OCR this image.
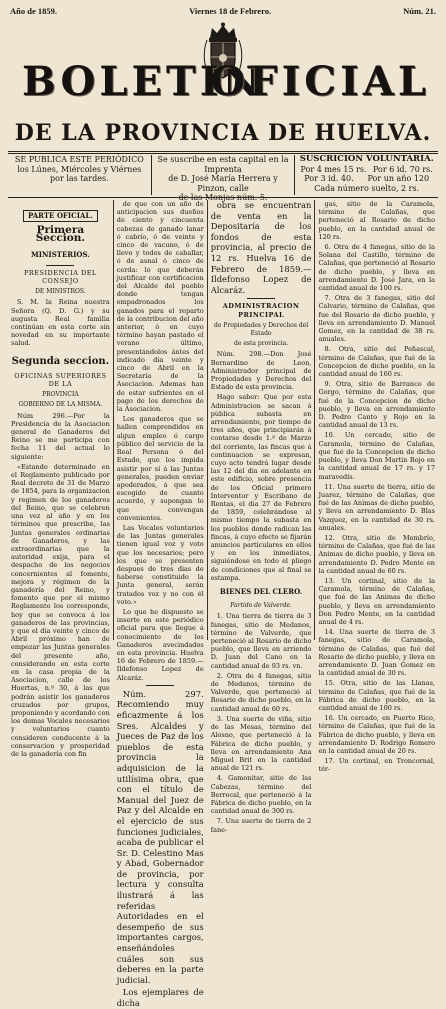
Año de 1859.	Viernes 18 de Febrero.	Núm. 21.
BOLETIN
OFICIAL
DE LA PROVINCIA DE HUELVA.
SE PUBLICA ESTE PERIÓDICO
los Lúnes, Miércoles y Viérnes
por las tardes.
Se suscribe en esta capital en la Imprenta
de D. José María Herrera y Pinzon, calle
SUSCRICION VOLUNTARIA.
Por 4 mes 15 rs. Por 6 id. 70 rs.
Por 3 id. 40. Por un año 120
Cada número suelto, 2 rs.
PARTE OFICIAL.
Primera Seccion.
MINISTERIOS.
PRESIDENCIA DEL CONSEJO
DE MINISTROS.

S. M. la Reina nuestra Señora (Q. D. G.) y su augusta Real familia continúan en esta corte sin novedad en su importante salud.

Segunda seccion.
OFICINAS SUPERIORES DE LA
PROVINCIA
GOBIERNO DE LA MISMA.

Núm 296.—Por la Presidencia de la Asociacion general de Ganaderos del Reino se me participa con fecha 11 del actual lo siguiente:

«Estando determinado en el Reglamento publicado por Real decreto de 31 de Marzo de 1854, para la organizacion y regimen de los ganaderos del Reino, que se celebren una vez al año y en los términos que prescribe, las Juntas generales ordinarias de Ganaderos, y las extraordinarias que la autoridad exija, para el despacho de los negocios concernientes al fomento, mejora y régimen de la ganadería del Reino, y fomento que por el mismo Reglamento los corresponde, hoy que se convoca á los ganaderos de las provincias, y que el dia veinte y cinco de Abril próximo han de empezar las Juntas generales del presente año, considerando en esta corte en la casa propia de la Asociacion, calle de los Huertas, n.º 30, á las que podrán asistir los ganaderos cruzados por grupos, proponiendo y acordando con los demas Vocales necesarios y voluntarios cuanto consideren conducente á la conservacion y prosperidad de la ganadería con fin

de que con un año de anticipacion sus dueños de ciento y cincuenta cabezas de ganado lanar ó cabrío, ó de veinte y cinco de vacuno, ó de llevo y todos de caballar, ó de asnal ó cinco de cerda: lo que deberán justificar con certificacion del Alcalde del pueblo donde tengan empadronados los ganados para el reparto de la contribucion del año anterior, ó en cuyo término hayan pastado el verano último, presentándolos ántes del indicado dia veinte y cinco de Abril en la Secretaría de la Asociacion. Ademas han de estar sufrientes en el pago de los derechos de la Asociacion.

Los ganaderos que se hallen comprendidos en algun empleo ó cargo público del servicio de la Real Persona ó del Estado, que los impida asistir por sí á las Juntas generales, pueden enviar apoderados, á que sea escogido de cuanto acuerdo, y supongan lo que convengan convenientes.

Las Vocales voluntarios de las Juntas generales tienen igual voz y voto que los necesarios; pero los que se presenten despues de tres dias de haberse constituido la Junta general, serán tratados voz y no con él voto.»

Lo que he dispuesto se inserte en este periódico oficial para que llegue á conocimiento de los Ganaderos avecindados en esta provincia. Huelva 16 de Febrero de 1859.—Ildefonso Lopez de Alcaráz.

Núm. 297. Recomiendo muy eficazmente á los Sres. Alcaldes y Jueces de Paz de los pueblos de esta provincia la adquisicion de la utilísima obra, que con el título de Manual del Juez de Paz y del Alcalde en el ejercicio de sus funciones judiciales, acaba de publicar el Sr. D. Celestino Mas y Abad, Gobernador de provincia, por lectura y consulta ilustrará á las referidas Autoridades en el desempeño de sus importantes cargos, enseñándoles cuáles son sus deberes en la parte judicial.

Los ejemplares de dicha

obra se encuentran de venta en la Depositaría de los fondos de esta provincia, al precio de 12 rs. Huelva 16 de Febrero de 1859.—Ildefonso Lopez de Alcaráz.

ADMINISTRACION PRINCIPAL
de Propiedades y Derechos del Estado
de esta provincia.

Núm. 298.—Don José Bernardino de Leon, Administrador principal de Propiedades y Derechos del Estado de esta provincia.

Hago saber: Que por esta Administracion se sacan á pública subasta en arrendamiento, por tiempo de tres años, que principiarán á contarse desde 1.º de Marzo del corriente, las fincas que á continuacion se expresan, cuyo acto tendrá lugar desde las 12 del dia en adelante en este edificio, sobre presencia de los Oficial primero Interventor y Escribano de Rentas, el dia 27 de Febrero de 1859, celebrándose al mismo tiempo la subasta en los pueblos donde radican las fincas, á cuyo efecto se fijarán anuncios particulares en ellos y en los inmediatos, siguiéndose en todo el pliego de condiciones que al final se estampa.

BIENES DEL CLERO.
Partido de Valverde.

1. Una tierra de tierra de 3 fanegas, sitio de Medanos, término de Valverde, que perteneció al Rosario de dicho pueblo, que lleva en arriendo D. Juan del Cano en la cantidad anual de 93 rs. vn.

2. Otra de 4 fanegas, sitio de Medanos, término de Valverde, que perteneció al Rosario de dicho pueblo, en la cantidad anual de 60 rs.

3. Una suerte de viña, sitio de las Mesas, término del Alosno, que perteneció á la Fábrica de dicho pueblo, y lleva en arrendamiento Ana Miguel Brit en la cantidad anual de 121 rs.

4. Gamonitar, sitio de las Cabezas, término del Berrocal, que perteneció á la Fábrica de dicho pueblo, en la cantidad anual de 300 rs.

7. Una suerte de tierra de 2 fane-

gas, sitio de la Caramola, término de Calañas, que perteneció al Rosario de dicho pueblo, en la cantidad anual de 120 rs.

6. Otra de 4 fanegas, sitio de la Solana del Castillo, término de Calañas, que perteneció al Rosario de dicho pueblo, y lleva en arrendamiento D. José Jara, en la cantidad anual de 100 rs.

7. Otra de 3 fanegas, sitio del Calvario, término de Calañas, que fue del Rosario de dicho pueblo, y lleva en arrendamiento D. Manuel Gomez, en la cantidad de 38 rs. anuales.

8. Otra, sitio del Peñascal, término de Calañas, que fué de la Concepcion de dicho pueblo, en la cantidad anual de 160 rs.

9. Otra, sitio de Barranco de Gorgo, término de Calañas, que fué de la Concepcion de dicho pueblo, y lleva en arrendamiento D. Pedro Canto y Rojo en la cantidad anual de 13 rs.

10. Un cercado, sitio de Caramola, término de Calañas, que fué de la Concepcion de dicho pueblo, y lleva Don Martin Rojo en la cantidad anual de 17 rs. y 17 maravedís.

11. Una suerte de tierra, sitio de Juarez, término de Calañas, que fué de las Animas de dicho pueblo, y lleva en arrendamiento D. Blas Vazquez, en la cantidad de 30 rs. anuales.

12. Otra, sitio de Membrío, término de Calañas, que fué de las Animas de dicho pueblo, y lleva en arrendamiento D. Pedro Mente en la cantidad anual de 60 rs.

13. Un cortinal, sitio de la Caramola, término de Calañas, que fué de las Animas de dicho pueblo, y lleva en arrendamiento Don Pedro Mente, en la cantidad anual de 4 rs.

14. Una suerte de tierra de 3 fanegas, sitio de Caramola, término de Calañas, que fué del Rosario de dicho pueblo, y lleva en arrendamiento D. Juan Gomez en la cantidad anual de 30 rs.

15. Otra, sitio de las Llanas, término de Calañas, que fué de la Fábrica de dicho pueblo, en la cantidad anual de 100 rs.

16. Un cercado, en Puerto Rico, término de Calañas, que fué de la Fábrica de dicho pueblo, y lleva en arrendamiento D. Rodrigo Romero en la cantidad anual de 20 rs.

17. Un cortinal, en Troncornal, tér-
